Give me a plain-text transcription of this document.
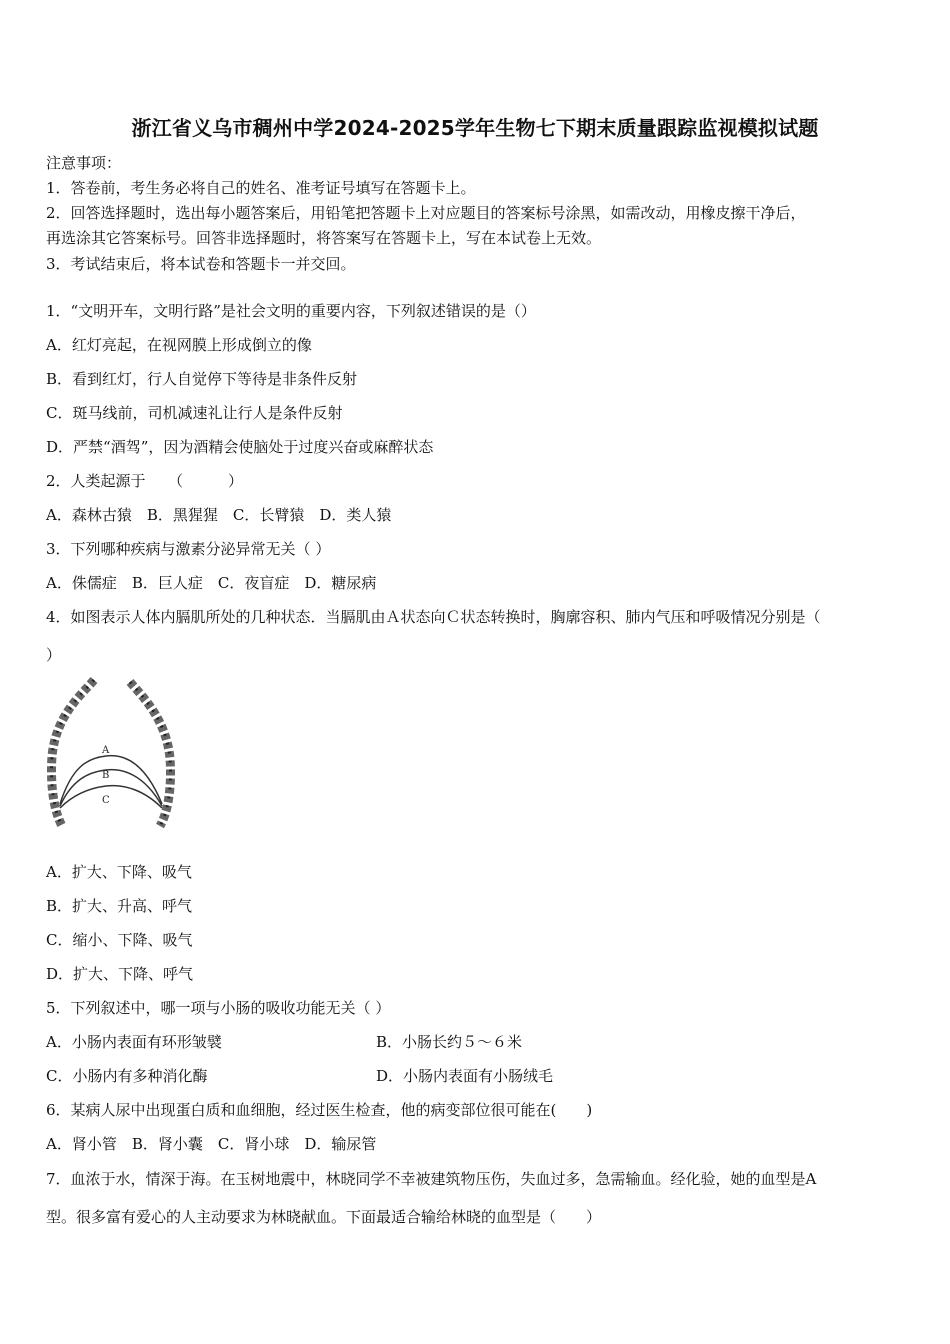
浙江省义乌市稠州中学2024-2025学年生物七下期末质量跟踪监视模拟试题
注意事项：
1．答卷前，考生务必将自己的姓名、准考证号填写在答题卡上。
2．回答选择题时，选出每小题答案后，用铅笔把答题卡上对应题目的答案标号涂黑，如需改动，用橡皮擦干净后，
再选涂其它答案标号。回答非选择题时，将答案写在答题卡上，写在本试卷上无效。
3．考试结束后，将本试卷和答题卡一并交回。
1．“文明开车，文明行路”是社会文明的重要内容，下列叙述错误的是（）
A．红灯亮起，在视网膜上形成倒立的像
B．看到红灯，行人自觉停下等待是非条件反射
C．斑马线前，司机减速礼让行人是条件反射
D．严禁“酒驾”，因为酒精会使脑处于过度兴奋或麻醉状态
2．人类起源于　　（　　　）
A．森林古猿　B．黑猩猩　C．长臂猿　D．类人猿
3．下列哪种疾病与激素分泌异常无关（ ）
A．侏儒症　B．巨人症　C．夜盲症　D．糖尿病
4．如图表示人体内膈肌所处的几种状态．当膈肌由Ａ状态向Ｃ状态转换时，胸廓容积、肺内气压和呼吸情况分别是（
）
A
B
C
A．扩大、下降、吸气
B．扩大、升高、呼气
C．缩小、下降、吸气
D．扩大、下降、呼气
5．下列叙述中，哪一项与小肠的吸收功能无关（ ）
A．小肠内表面有环形皱襞	B．小肠长约５～６米
C．小肠内有多种消化酶	D．小肠内表面有小肠绒毛
6．某病人尿中出现蛋白质和血细胞，经过医生检查，他的病变部位很可能在(　　)
A．肾小管　B．肾小囊　C．肾小球　D．输尿管
7．血浓于水，情深于海。在玉树地震中，林晓同学不幸被建筑物压伤，失血过多，急需输血。经化验，她的血型是A
型。很多富有爱心的人主动要求为林晓献血。下面最适合输给林晓的血型是（　　）
